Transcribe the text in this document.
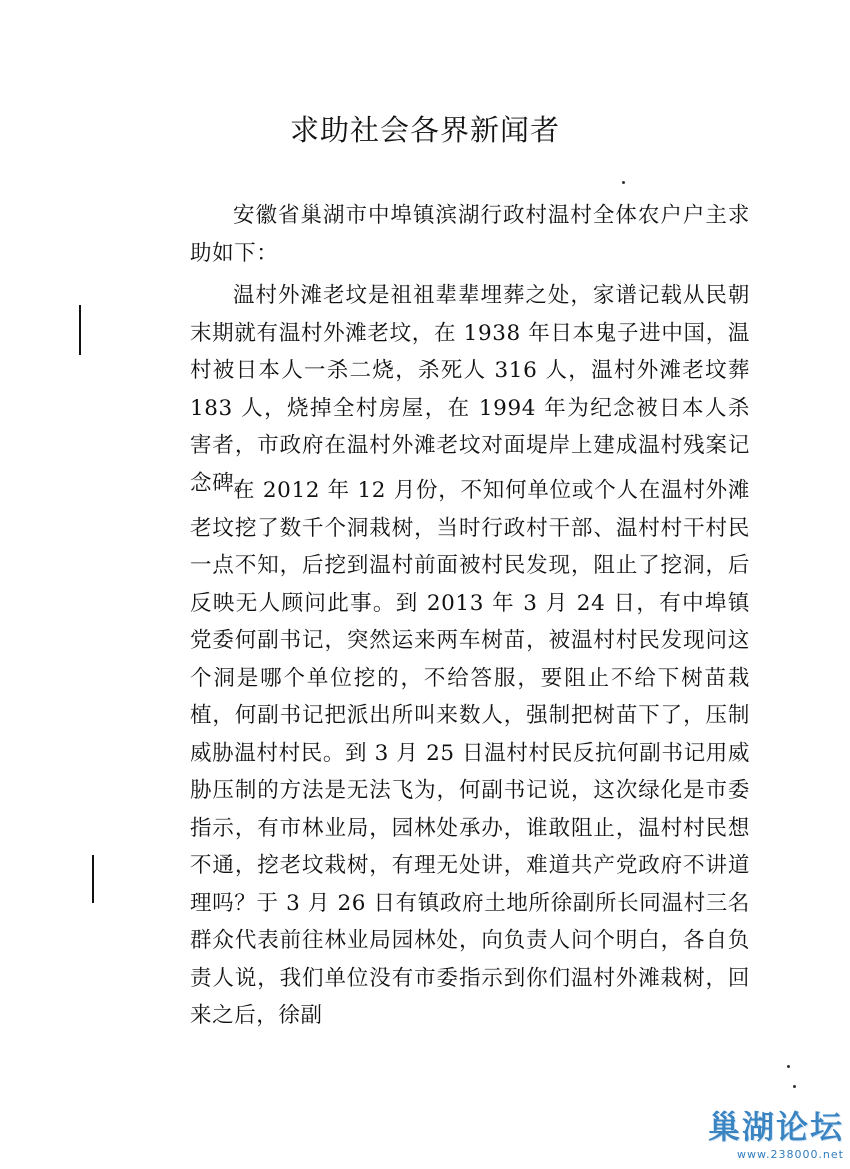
求助社会各界新闻者
安徽省巢湖市中埠镇滨湖行政村温村全体农户户主求助如下：
温村外滩老坟是祖祖辈辈埋葬之处，家谱记载从民朝末期就有温村外滩老坟，在 1938 年日本鬼子进中国，温村被日本人一杀二烧，杀死人 316 人，温村外滩老坟葬 183 人，烧掉全村房屋，在 1994 年为纪念被日本人杀害者，市政府在温村外滩老坟对面堤岸上建成温村残案记念碑。
在 2012 年 12 月份，不知何单位或个人在温村外滩老坟挖了数千个洞栽树，当时行政村干部、温村村干村民一点不知，后挖到温村前面被村民发现，阻止了挖洞，后反映无人顾问此事。到 2013 年 3 月 24 日，有中埠镇党委何副书记，突然运来两车树苗，被温村村民发现问这个洞是哪个单位挖的，不给答服，要阻止不给下树苗栽植，何副书记把派出所叫来数人，强制把树苗下了，压制威胁温村村民。到 3 月 25 日温村村民反抗何副书记用威胁压制的方法是无法飞为，何副书记说，这次绿化是市委指示，有市林业局，园林处承办，谁敢阻止，温村村民想不通，挖老坟栽树，有理无处讲，难道共产党政府不讲道理吗？于 3 月 26 日有镇政府土地所徐副所长同温村三名群众代表前往林业局园林处，向负责人问个明白，各自负责人说，我们单位没有市委指示到你们温村外滩栽树，回来之后，徐副
巢湖论坛
www.238000.net
